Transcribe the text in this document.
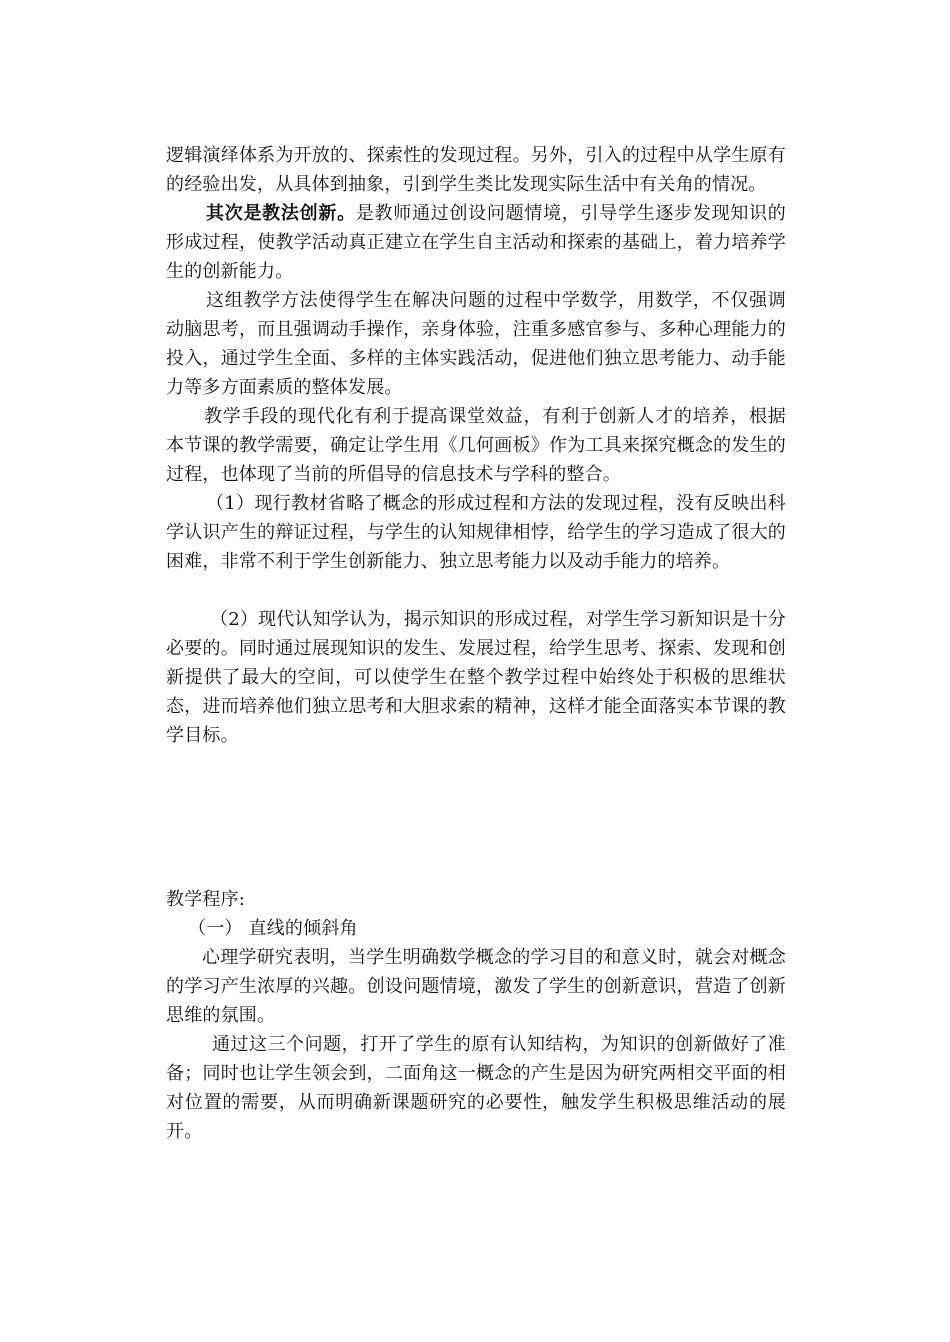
逻辑演绎体系为开放的、探索性的发现过程。另外，引入的过程中从学生原有的经验出发，从具体到抽象，引到学生类比发现实际生活中有关角的情况。

其次是教法创新。是教师通过创设问题情境，引导学生逐步发现知识的形成过程，使教学活动真正建立在学生自主活动和探索的基础上，着力培养学生的创新能力。

这组教学方法使得学生在解决问题的过程中学数学，用数学，不仅强调动脑思考，而且强调动手操作，亲身体验，注重多感官参与、多种心理能力的投入，通过学生全面、多样的主体实践活动，促进他们独立思考能力、动手能力等多方面素质的整体发展。

教学手段的现代化有利于提高课堂效益，有利于创新人才的培养，根据本节课的教学需要，确定让学生用《几何画板》作为工具来探究概念的发生的过程，也体现了当前的所倡导的信息技术与学科的整合。

（1）现行教材省略了概念的形成过程和方法的发现过程，没有反映出科学认识产生的辩证过程，与学生的认知规律相悖，给学生的学习造成了很大的困难，非常不利于学生创新能力、独立思考能力以及动手能力的培养。

（2）现代认知学认为，揭示知识的形成过程，对学生学习新知识是十分必要的。同时通过展现知识的发生、发展过程，给学生思考、探索、发现和创新提供了最大的空间，可以使学生在整个教学过程中始终处于积极的思维状态，进而培养他们独立思考和大胆求索的精神，这样才能全面落实本节课的教学目标。

教学程序:

（一） 直线的倾斜角

心理学研究表明，当学生明确数学概念的学习目的和意义时，就会对概念的学习产生浓厚的兴趣。创设问题情境，激发了学生的创新意识，营造了创新思维的氛围。

通过这三个问题，打开了学生的原有认知结构，为知识的创新做好了准备；同时也让学生领会到，二面角这一概念的产生是因为研究两相交平面的相对位置的需要，从而明确新课题研究的必要性，触发学生积极思维活动的展开。
